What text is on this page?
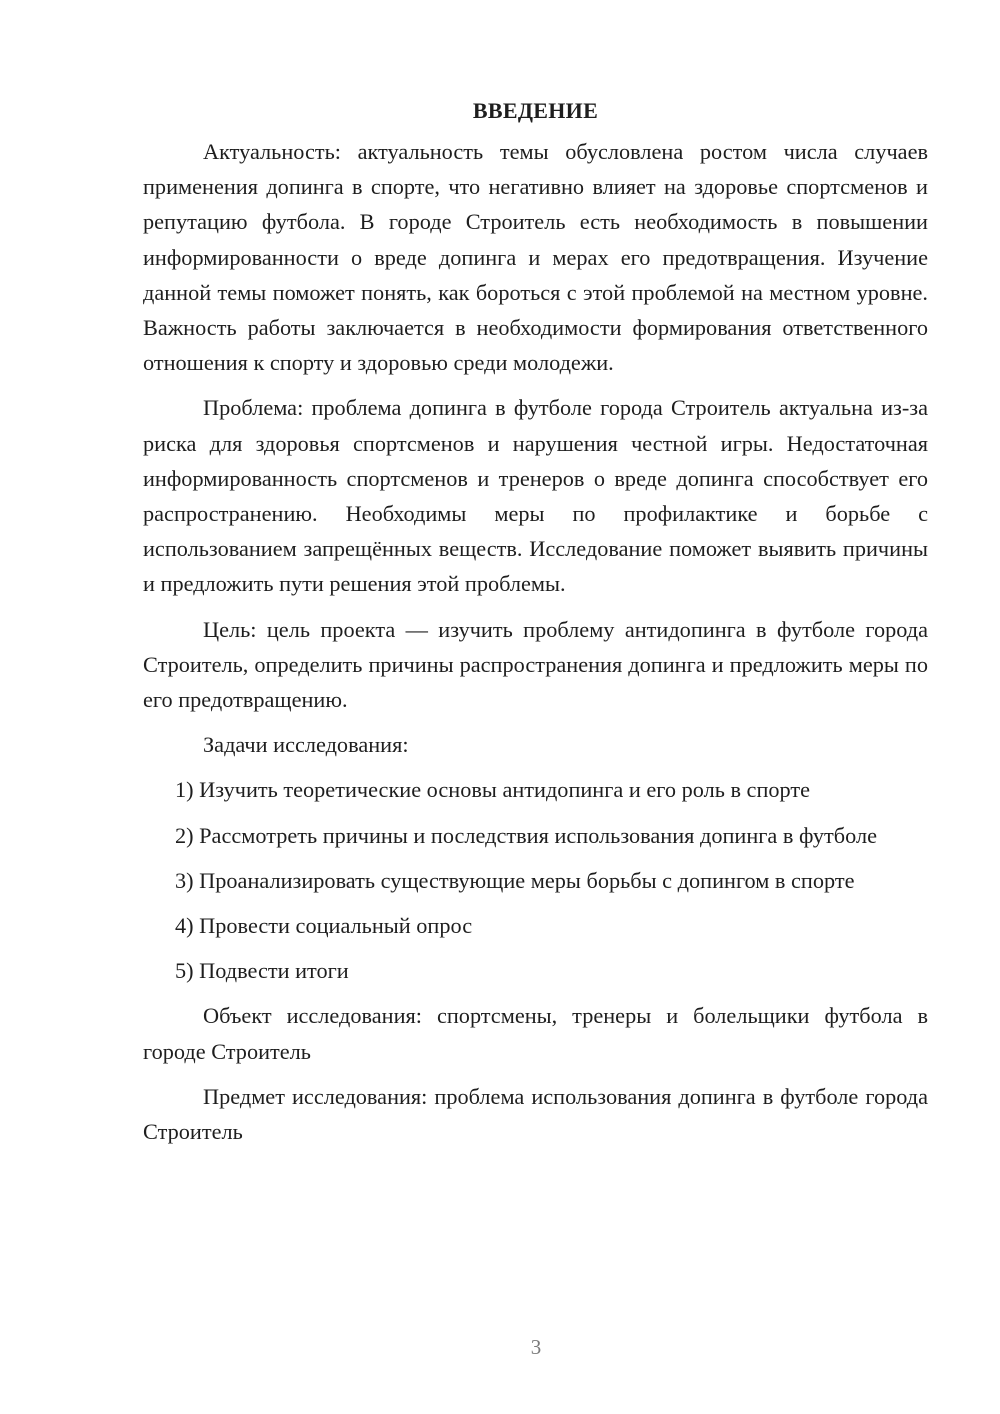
ВВЕДЕНИЕ

Актуальность: актуальность темы обусловлена ростом числа случаев применения допинга в спорте, что негативно влияет на здоровье спортсменов и репутацию футбола. В городе Строитель есть необходимость в повышении информированности о вреде допинга и мерах его предотвращения. Изучение данной темы поможет понять, как бороться с этой проблемой на местном уровне. Важность работы заключается в необходимости формирования ответственного отношения к спорту и здоровью среди молодежи.

Проблема: проблема допинга в футболе города Строитель актуальна из-за риска для здоровья спортсменов и нарушения честной игры. Недостаточная информированность спортсменов и тренеров о вреде допинга способствует его распространению. Необходимы меры по профилактике и борьбе с использованием запрещённых веществ. Исследование поможет выявить причины и предложить пути решения этой проблемы.

Цель: цель проекта — изучить проблему антидопинга в футболе города Строитель, определить причины распространения допинга и предложить меры по его предотвращению.

Задачи исследования:

1) Изучить теоретические основы антидопинга и его роль в спорте

2) Рассмотреть причины и последствия использования допинга в футболе

3) Проанализировать существующие меры борьбы с допингом в спорте

4) Провести социальный опрос

5) Подвести итоги

Объект исследования: спортсмены, тренеры и болельщики футбола в городе Строитель

Предмет исследования: проблема использования допинга в футболе города Строитель

3
